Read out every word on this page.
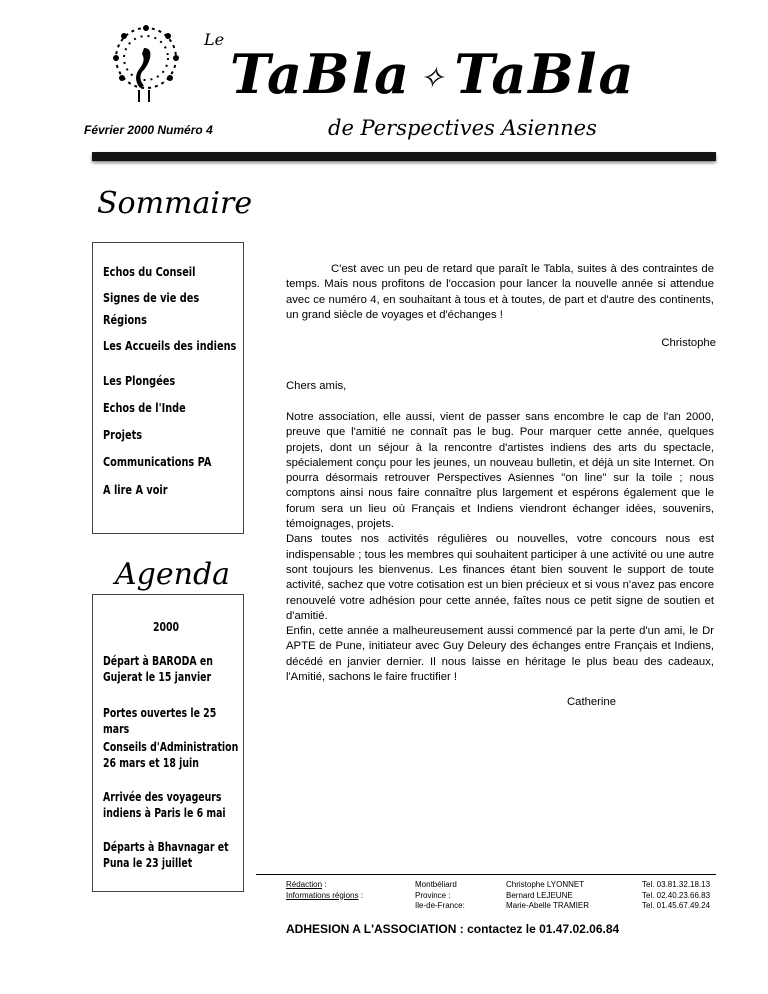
Le
TaBla ✧ TaBla
Février 2000 Numéro 4	de Perspectives Asiennes
Sommaire
Echos du Conseil
Signes de vie des Régions
Les Accueils des indiens
Les Plongées
Echos de l'Inde
Projets
Communications PA
A lire A voir
Agenda
2000
Départ à BARODA en Gujerat le 15 janvier
Portes ouvertes le 25 mars
Conseils d'Administration 26 mars et 18 juin
Arrivée des voyageurs indiens à Paris le 6 mai
Départs à Bhavnagar et Puna le 23 juillet
C'est avec un peu de retard que paraît le Tabla, suites à des contraintes de temps. Mais nous profitons de l'occasion pour lancer la nouvelle année si attendue avec ce numéro 4, en souhaitant à tous et à toutes, de part et d'autre des continents, un grand siècle de voyages et d'échanges !
Christophe
Chers amis,
Notre association, elle aussi, vient de passer sans encombre le cap de l'an 2000, preuve que l'amitié ne connaît pas le bug. Pour marquer cette année, quelques projets, dont un séjour à la rencontre d'artistes indiens des arts du spectacle, spécialement conçu pour les jeunes, un nouveau bulletin, et déjà un site Internet. On pourra désormais retrouver Perspectives Asiennes "on line" sur la toile ; nous comptons ainsi nous faire connaître plus largement et espérons également que le forum sera un lieu où Français et Indiens viendront échanger idées, souvenirs, témoignages, projets.
Dans toutes nos activités régulières ou nouvelles, votre concours nous est indispensable ; tous les membres qui souhaitent participer à une activité ou une autre sont toujours les bienvenus. Les finances étant bien souvent le support de toute activité, sachez que votre cotisation est un bien précieux et si vous n'avez pas encore renouvelé votre adhésion pour cette année, faîtes nous ce petit signe de soutien et d'amitié.
Enfin, cette année a malheureusement aussi commencé par la perte d'un ami, le Dr APTE de Pune, initiateur avec Guy Deleury des échanges entre Français et Indiens, décédé en janvier dernier. Il nous laisse en héritage le plus beau des cadeaux, l'Amitié, sachons le faire fructifier !
Catherine
Rédaction :
Informations régions :
Montbéliard
Province :
Ile-de-France:
Christophe LYONNET
Bernard LEJEUNE
Marie-Abelle TRAMIER
Tel. 03.81.32.18.13
Tel. 02.40.23.66.83
Tel. 01.45.67.49.24
ADHESION A L'ASSOCIATION : contactez le 01.47.02.06.84
